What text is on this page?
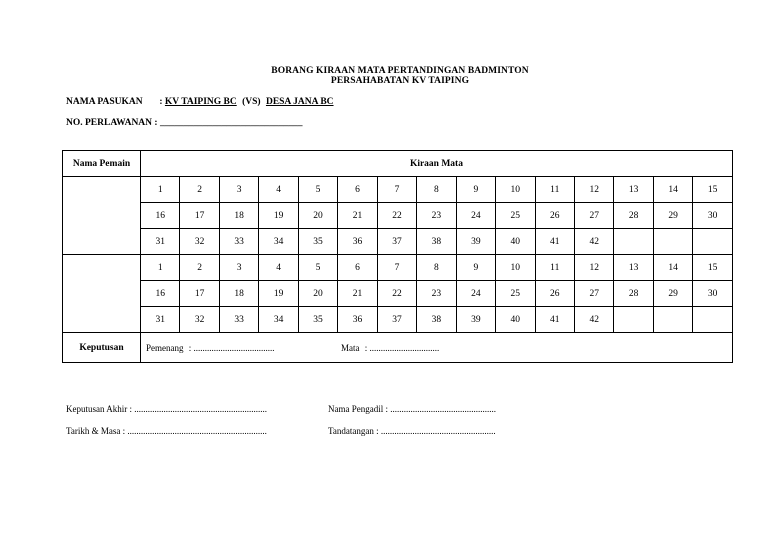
BORANG KIRAAN MATA PERTANDINGAN BADMINTON
PERSAHABATAN KV TAIPING
NAMA PASUKAN : KV TAIPING BC (VS) DESA JANA BC
NO. PERLAWANAN : ______________________________
Nama Pemain	Kiraan Mata														
	1	2	3	4	5	6	7	8	9	10	11	12	13	14	15
	16	17	18	19	20	21	22	23	24	25	26	27	28	29	30
	31	32	33	34	35	36	37	38	39	40	41	42			
	1	2	3	4	5	6	7	8	9	10	11	12	13	14	15
	16	17	18	19	20	21	22	23	24	25	26	27	28	29	30
	31	32	33	34	35	36	37	38	39	40	41	42			
Keputusan	Pemenang : .................................... Mata : ...............................														
Keputusan Akhir : ...........................................................
Tarikh & Masa : ..............................................................
Nama Pengadil : ...............................................
Tandatangan : ...................................................
